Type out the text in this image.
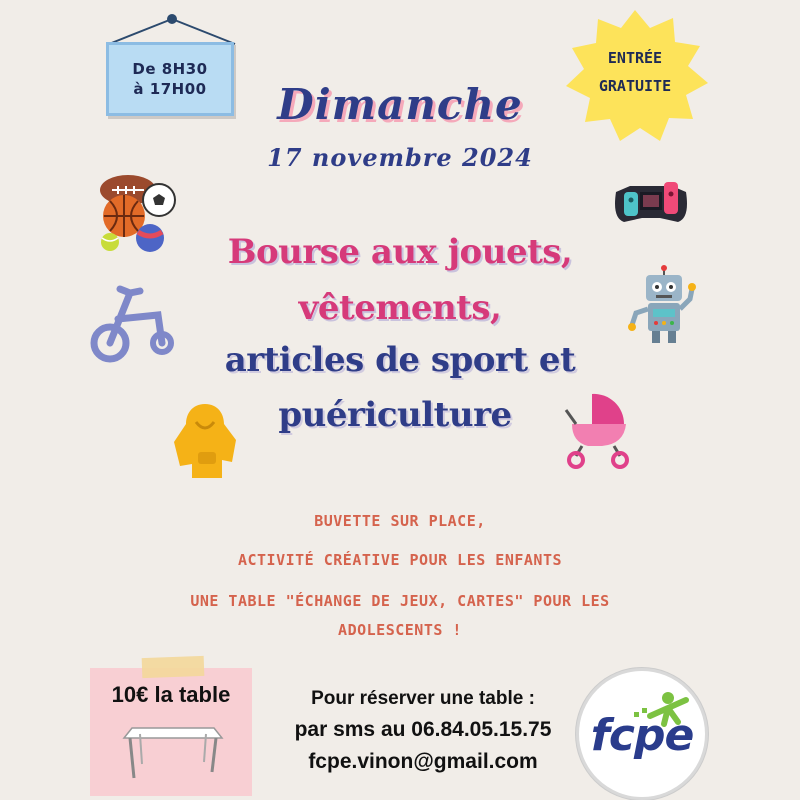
De 8H30
à 17H00
ENTRÉE
GRATUITE
Dimanche
17 novembre 2024
Bourse aux jouets,
vêtements,
articles de sport et
puériculture
BUVETTE SUR PLACE,
ACTIVITÉ CRÉATIVE POUR LES ENFANTS
UNE TABLE "ÉCHANGE DE JEUX, CARTES" POUR LES
ADOLESCENTS !
10€ la table	Pour réserver une table :
par sms au 06.84.05.15.75
fcpe.vinon@gmail.com
fcpe
